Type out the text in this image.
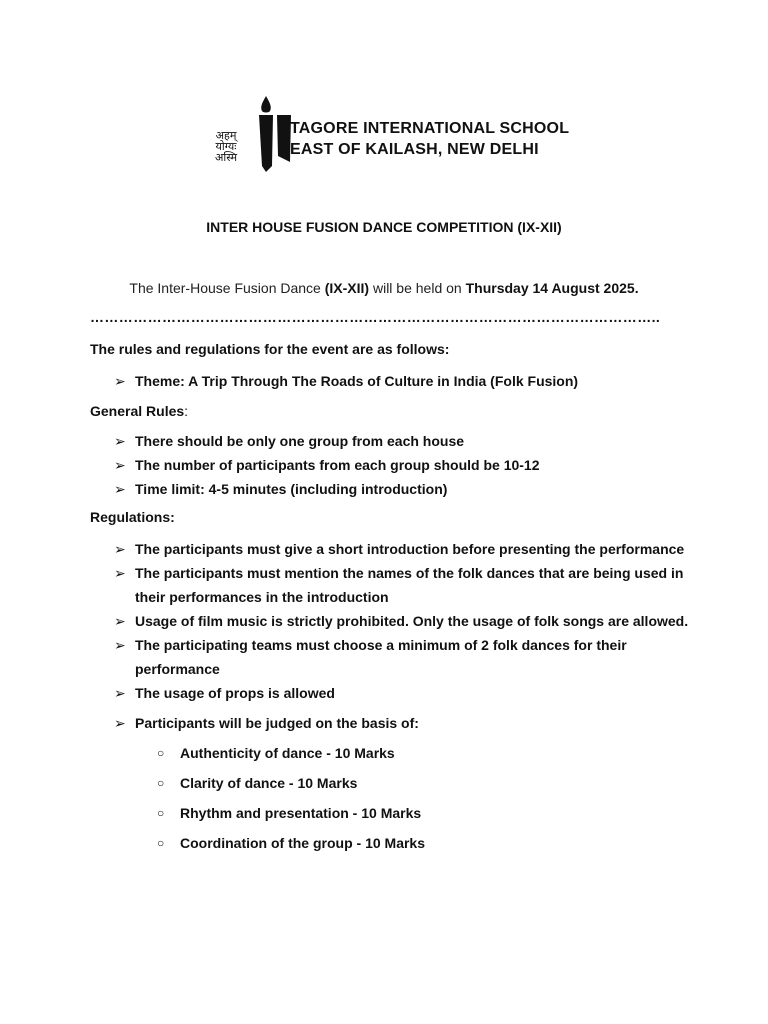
अहम्
योग्यः
अस्मि
TAGORE INTERNATIONAL SCHOOL
EAST OF KAILASH, NEW DELHI
INTER HOUSE FUSION DANCE COMPETITION (IX-XII)
The Inter-House Fusion Dance (IX-XII) will be held on Thursday 14 August 2025.
………………………………………………………………………………………………………..
The rules and regulations for the event are as follows:
➢ Theme: A Trip Through The Roads of Culture in India (Folk Fusion)
General Rules:
➢ There should be only one group from each house
➢ The number of participants from each group should be 10-12
➢ Time limit: 4-5 minutes (including introduction)
Regulations:
➢ The participants must give a short introduction before presenting the performance
➢ The participants must mention the names of the folk dances that are being used in their performances in the introduction
➢ Usage of film music is strictly prohibited. Only the usage of folk songs are allowed.
➢ The participating teams must choose a minimum of 2 folk dances for their performance
➢ The usage of props is allowed
➢ Participants will be judged on the basis of:
○ Authenticity of dance - 10 Marks
○ Clarity of dance - 10 Marks
○ Rhythm and presentation - 10 Marks
○ Coordination of the group - 10 Marks
